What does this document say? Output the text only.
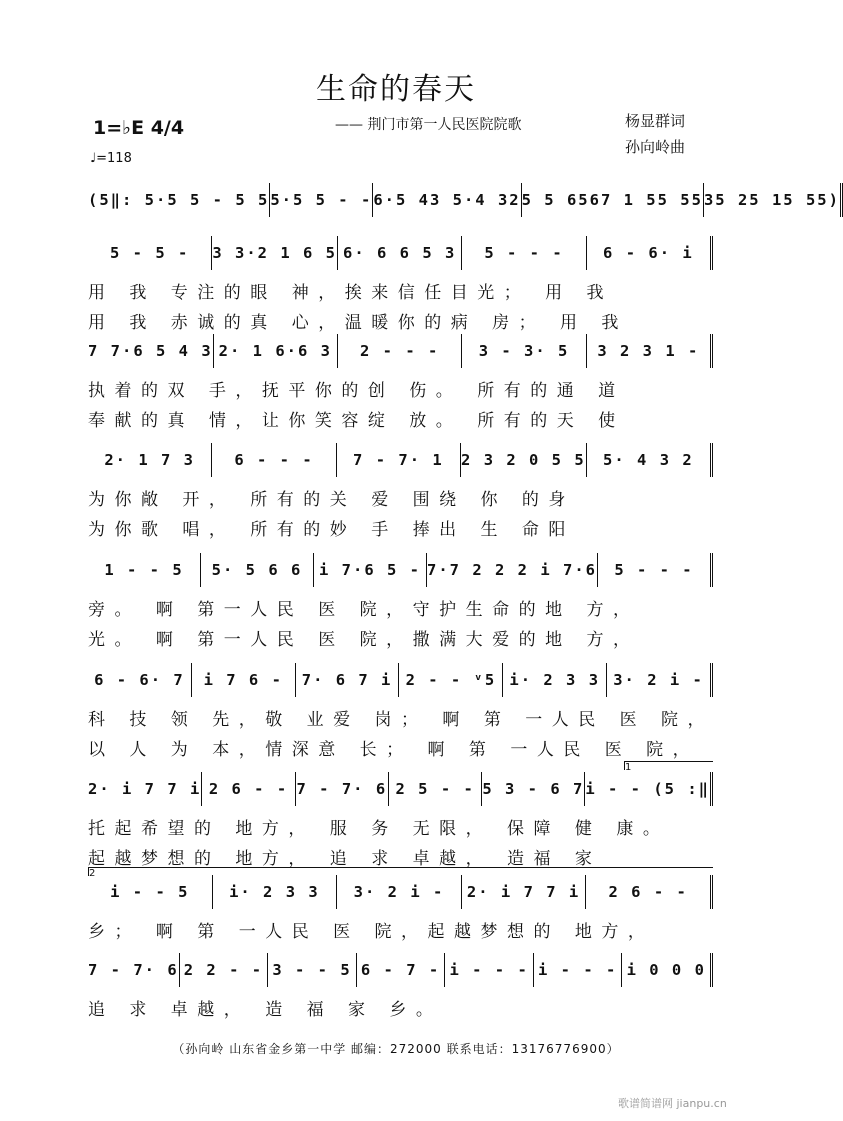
生命的春天
—— 荆门市第一人民医院院歌	杨显群词
孙向岭曲
1=♭E 4/4
♩=118
(5‖: 5·5 5 - 5 5 5·5 5 - - 6·5 43 5·4 32 5 5 6567 1 55 55 35 25 15 55)
5 - 5 -	3 3·2 1 6 5 6· 6 6 5 3	5 - - -	6 - 6· i
用 我 专注的眼 神，挨来信任目光； 用 我
用 我 赤诚的真 心，温暖你的病 房； 用 我
7 7·6 5 4 3 2· 1 6·6 3	2 - - -	3 - 3· 5	3 2 3 1 -
执着的双 手，抚平你的创 伤。 所有的通 道
奉献的真 情，让你笑容绽 放。 所有的天 使
2· 1 7 3	6 - - -	7 - 7· 1	2 3 2 0 5 5	5· 4 3 2
为你敞 开， 所有的关 爱 围绕 你 的身
为你歌 唱， 所有的妙 手 捧出 生 命阳
1 - - 5	5· 5 6 6	i 7·6 5 - 7·7 2 2 2 i 7·6	5 - - -
旁。 啊 第一人民 医 院，守护生命的地 方，
光。 啊 第一人民 医 院，撒满大爱的地 方，
6 - 6· 7	i 7 6 -	7· 6 7 i 2 - - ᵛ5 i· 2 3 3 3· 2 i -
科 技 领 先，敬 业爱 岗； 啊 第 一人民 医 院，
以 人 为 本，情深意 长； 啊 第 一人民 医 院，
1
2· i 7 7 i 2 6 - - 7 - 7· 6 2 5 - - 5 3 - 6 7 i - - (5 :‖
托起希望的 地方， 服 务 无限， 保障 健 康。
起越梦想的 地方， 追 求 卓越， 造福 家
2
i - - 5	i· 2 3 3	3· 2 i -	2· i 7 7 i	2 6 - -
乡； 啊 第 一人民 医 院，起越梦想的 地方，
7 - 7· 6 2 2 - - 3 - - 5 6 - 7 - i - - - i - - - i 0 0 0
追 求 卓越， 造 福 家 乡。
（孙向岭 山东省金乡第一中学 邮编：272000 联系电话：13176776900）
歌谱简谱网 jianpu.cn
